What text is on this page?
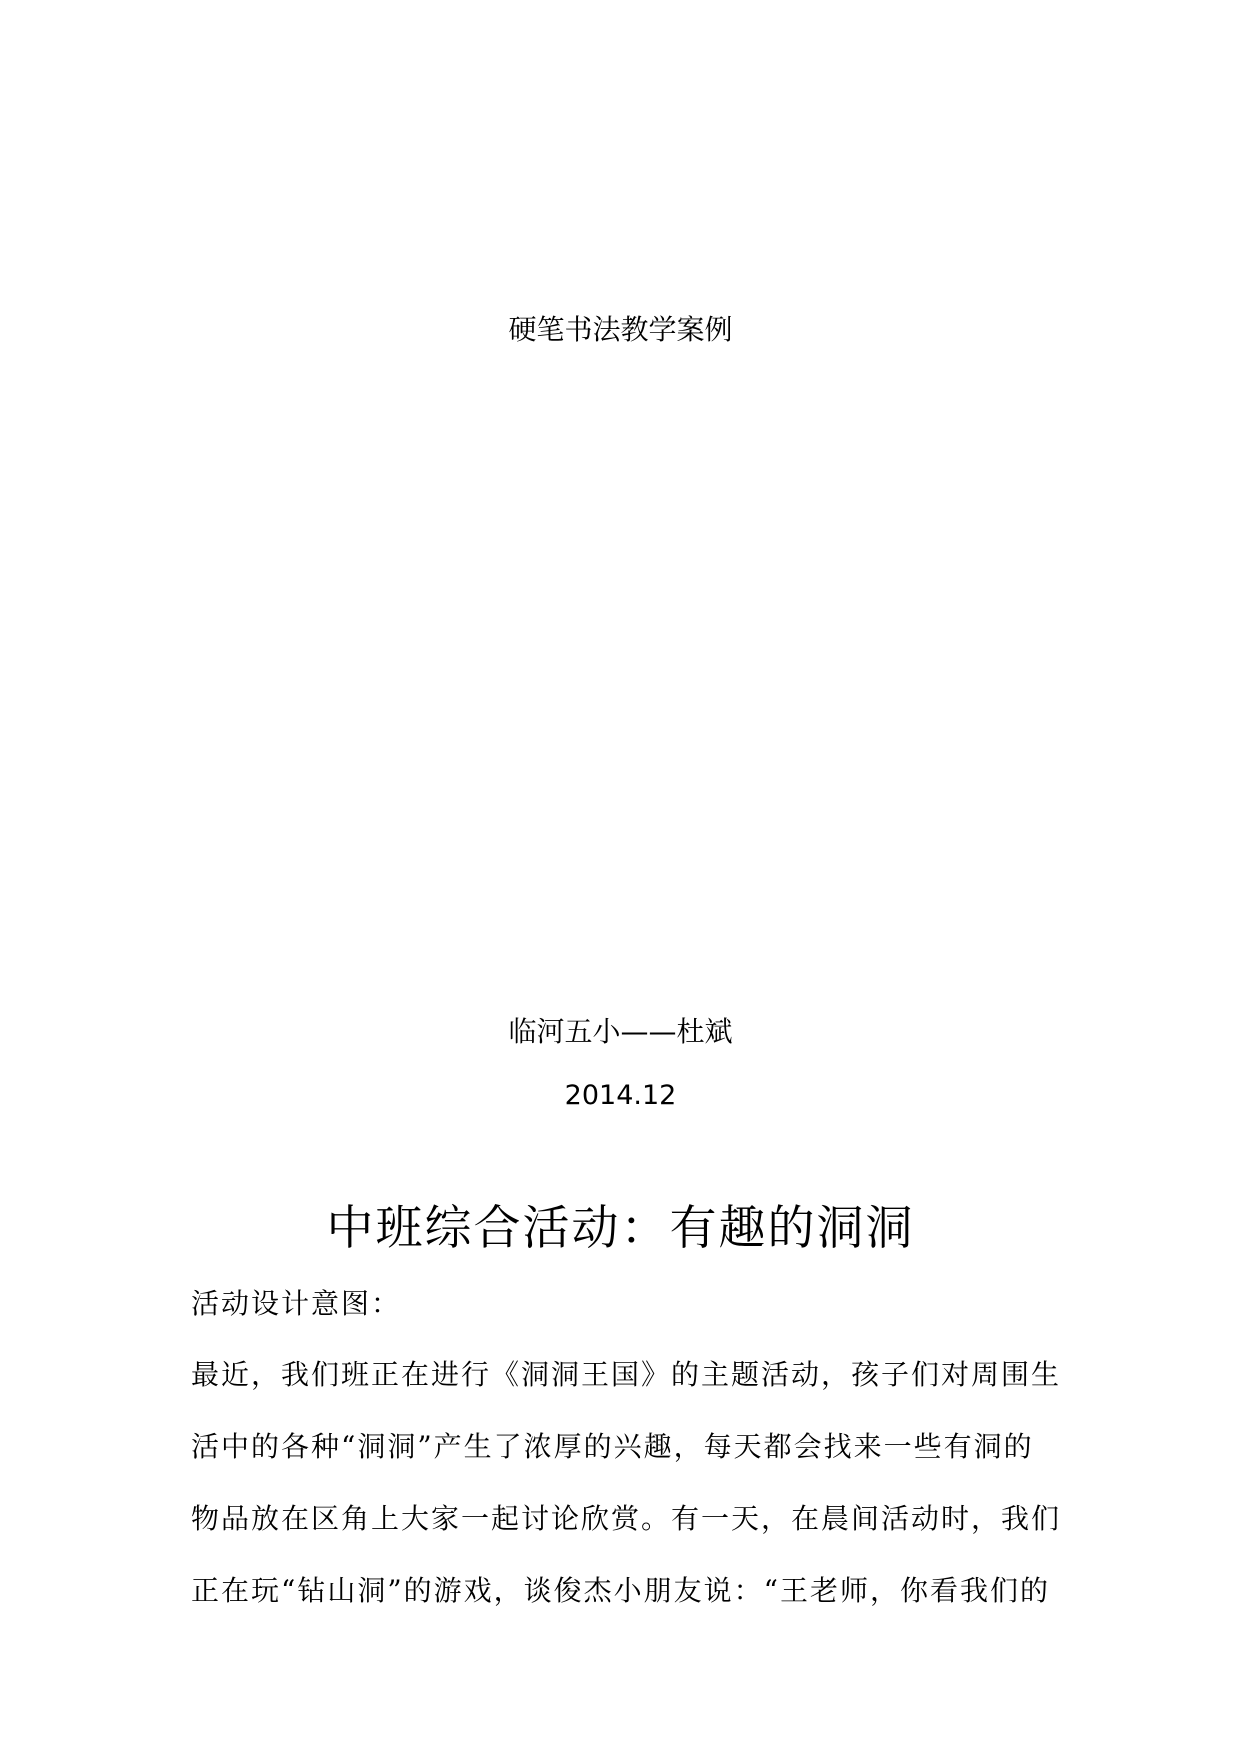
硬笔书法教学案例
临河五小——杜斌
2014.12
中班综合活动：有趣的洞洞
活动设计意图：
最近，我们班正在进行《洞洞王国》的主题活动，孩子们对周围生
活中的各种“洞洞”产生了浓厚的兴趣，每天都会找来一些有洞的
物品放在区角上大家一起讨论欣赏。有一天，在晨间活动时，我们
正在玩“钻山洞”的游戏，谈俊杰小朋友说：“王老师，你看我们的
